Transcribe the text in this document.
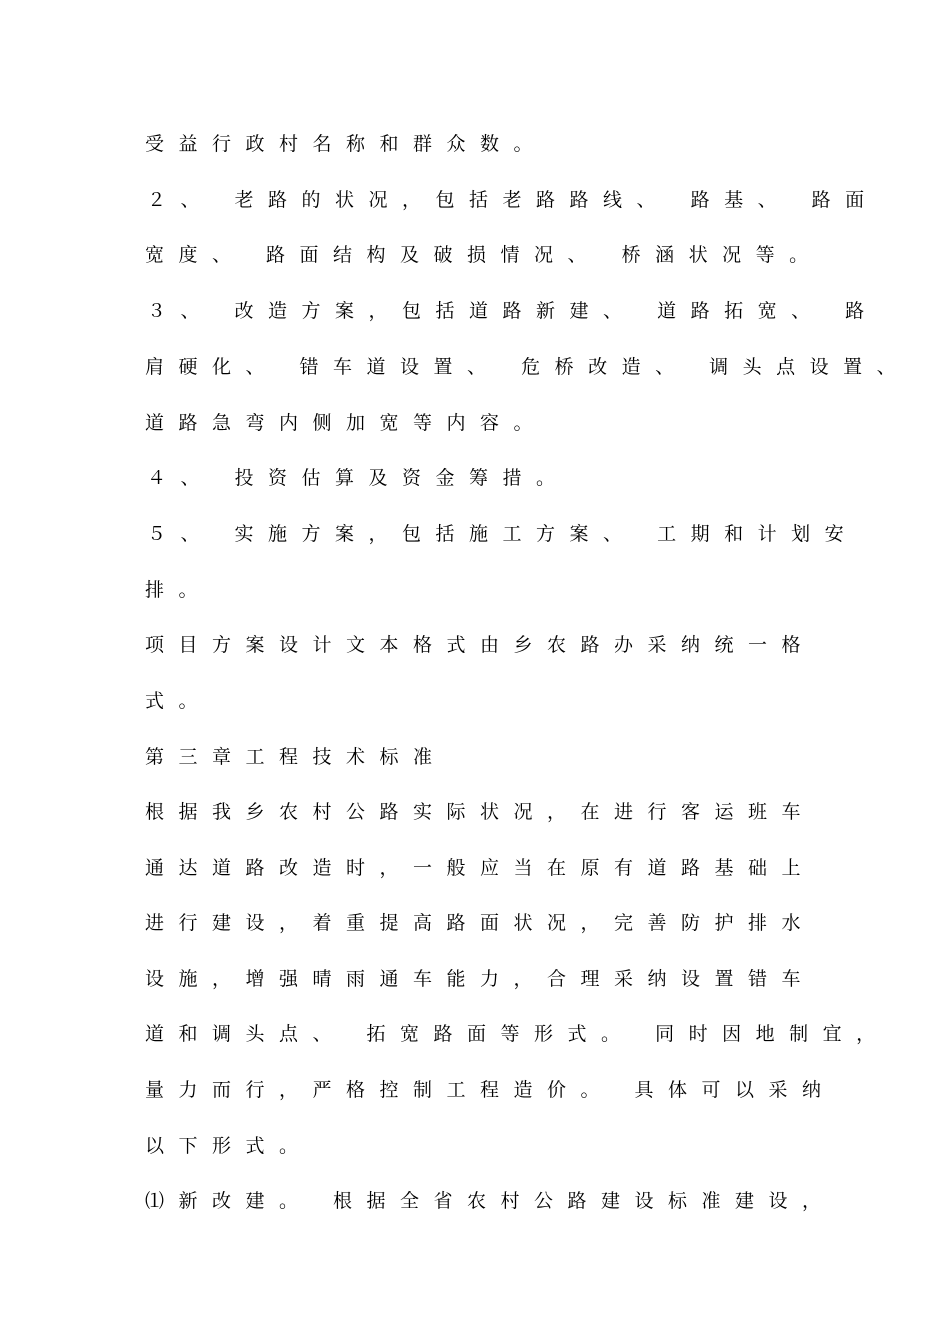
受益行政村名称和群众数。
２、 老路的状况，包括老路路线、 路基、 路面
宽度、 路面结构及破损情况、 桥涵状况等。
３、 改造方案，包括道路新建、 道路拓宽、 路
肩硬化、 错车道设置、 危桥改造、 调头点设置、
道路急弯内侧加宽等内容。
４、 投资估算及资金筹措。
５、 实施方案，包括施工方案、 工期和计划安
排。
项目方案设计文本格式由乡农路办采纳统一格
式。
第三章工程技术标准
根据我乡农村公路实际状况，在进行客运班车
通达道路改造时，一般应当在原有道路基础上
进行建设，着重提高路面状况，完善防护排水
设施，增强晴雨通车能力，合理采纳设置错车
道和调头点、 拓宽路面等形式。 同时因地制宜，
量力而行，严格控制工程造价。 具体可以采纳
以下形式。
⑴新改建。 根据全省农村公路建设标准建设，
